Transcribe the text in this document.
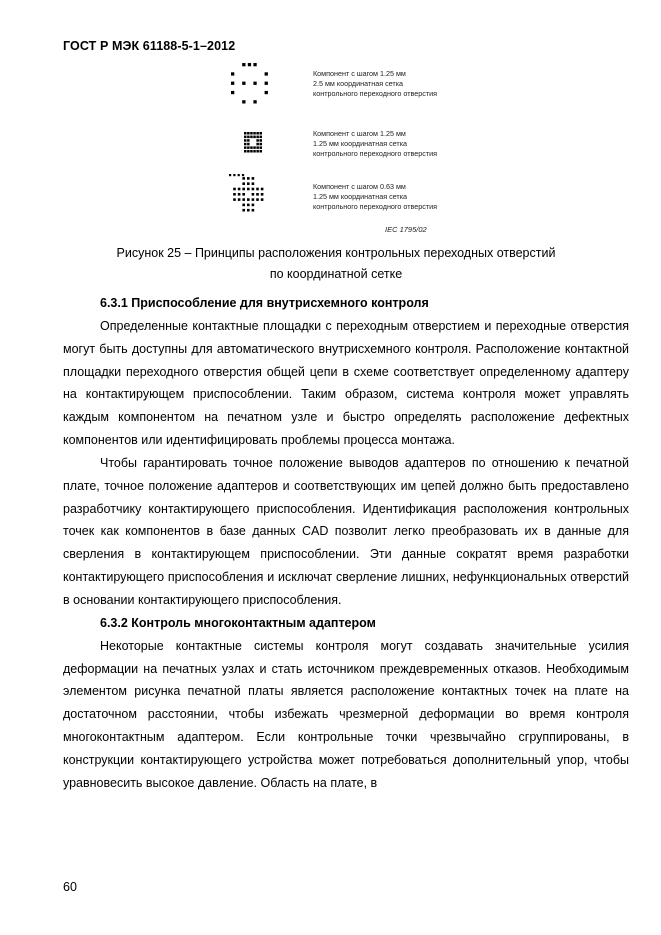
ГОСТ Р МЭК 61188-5-1–2012
Компонент с шагом 1.25 мм
2.5 мм координатная сетка
контрольного переходного отверстия
Компонент с шагом 1.25 мм
1.25 мм координатная сетка
контрольного переходного отверстия
Компонент с шагом 0.63 мм
1.25 мм координатная сетка
контрольного переходного отверстия
IEC 1795/02
Рисунок 25 – Принципы расположения контрольных переходных отверстий
по координатной сетке
6.3.1 Приспособление для внутрисхемного контроля

Определенные контактные площадки с переходным отверстием и переходные отверстия могут быть доступны для автоматического внутрисхемного контроля. Расположение контактной площадки переходного отверстия общей цепи в схеме соответствует определенному адаптеру на контактирующем приспособлении. Таким образом, система контроля может управлять каждым компонентом на печатном узле и быстро определять расположение дефектных компонентов или идентифицировать проблемы процесса монтажа.

Чтобы гарантировать точное положение выводов адаптеров по отношению к печатной плате, точное положение адаптеров и соответствующих им цепей должно быть предоставлено разработчику контактирующего приспособления. Идентификация расположения контрольных точек как компонентов в базе данных CAD позволит легко преобразовать их в данные для сверления в контактирующем приспособлении. Эти данные сократят время разработки контактирующего приспособления и исключат сверление лишних, нефункциональных отверстий в основании контактирующего приспособления.

6.3.2 Контроль многоконтактным адаптером

Некоторые контактные системы контроля могут создавать значительные усилия деформации на печатных узлах и стать источником преждевременных отказов. Необходимым элементом рисунка печатной платы является расположение контактных точек на плате на достаточном расстоянии, чтобы избежать чрезмерной деформации во время контроля многоконтактным адаптером. Если контрольные точки чрезвычайно сгруппированы, в конструкции контактирующего устройства может потребоваться дополнительный упор, чтобы уравновесить высокое давление. Область на плате, в

60
